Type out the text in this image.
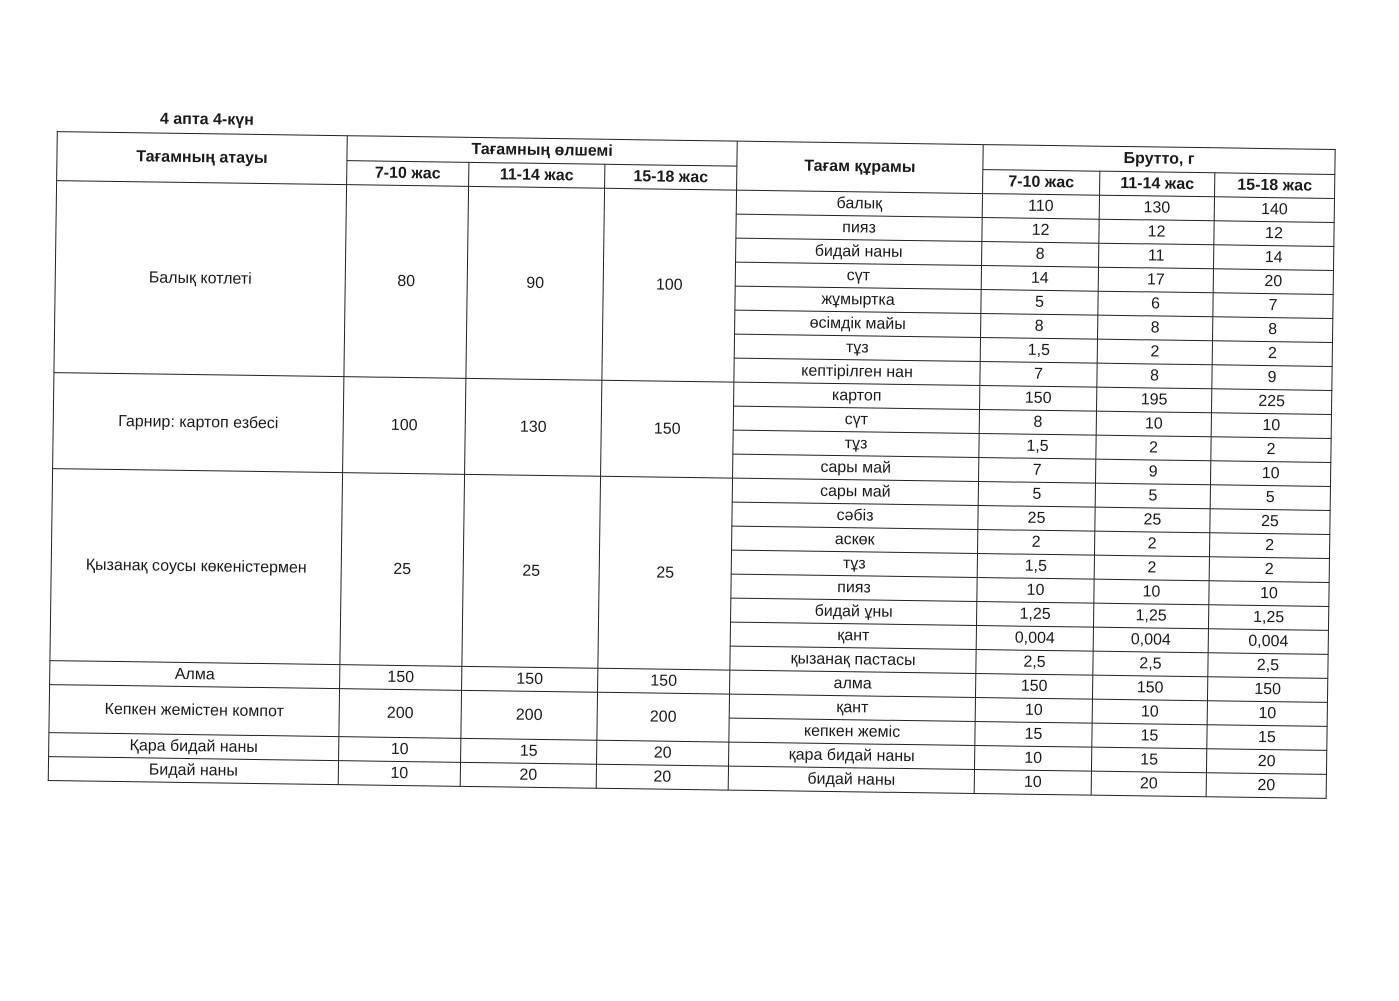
4 апта 4-күн
Тағамның атауы	Тағамның өлшемі			Тағам құрамы	Брутто, г		
	7-10 жас	11-14 жас	15-18 жас		7-10 жас	11-14 жас	15-18 жас
Балық котлеті	80	90	100	балық	110	130	140
				пияз	12	12	12
				бидай наны	8	11	14
				сүт	14	17	20
				жұмыртка	5	6	7
				өсімдік майы	8	8	8
				тұз	1,5	2	2
				кептірілген нан	7	8	9
Гарнир: картоп езбесі	100	130	150	картоп	150	195	225
				сүт	8	10	10
				тұз	1,5	2	2
				сары май	7	9	10
Қызанақ соусы көкеністермен	25	25	25	сары май	5	5	5
				сәбіз	25	25	25
				аскөк	2	2	2
				тұз	1,5	2	2
				пияз	10	10	10
				бидай ұны	1,25	1,25	1,25
				қант	0,004	0,004	0,004
				қызанақ пастасы	2,5	2,5	2,5
Алма	150	150	150	алма	150	150	150
Кепкен жемістен компот	200	200	200	қант	10	10	10
				кепкен жеміс	15	15	15
Қара бидай наны	10	15	20	қара бидай наны	10	15	20
Бидай наны	10	20	20	бидай наны	10	20	20
